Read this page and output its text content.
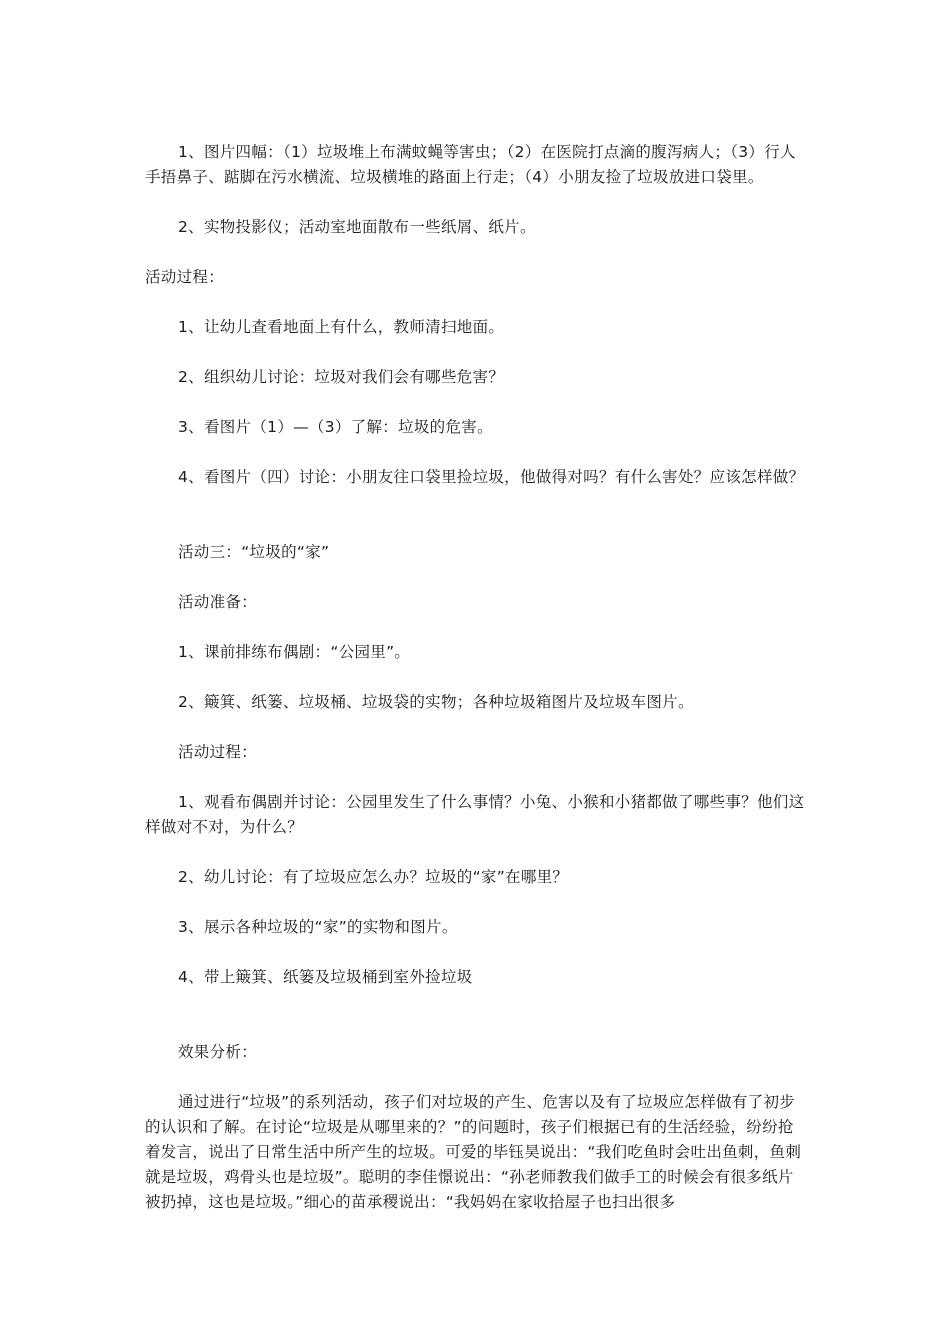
1、图片四幅：（1）垃圾堆上布满蚊蝇等害虫；（2）在医院打点滴的腹泻病人；（3）行人手捂鼻子、踮脚在污水横流、垃圾横堆的路面上行走；（4）小朋友捡了垃圾放进口袋里。

2、实物投影仪；活动室地面散布一些纸屑、纸片。

活动过程：

1、让幼儿查看地面上有什么，教师清扫地面。

2、组织幼儿讨论：垃圾对我们会有哪些危害？

3、看图片（1）—（3）了解：垃圾的危害。

4、看图片（四）讨论：小朋友往口袋里捡垃圾，他做得对吗？有什么害处？应该怎样做？

活动三：“垃圾的“家”

活动准备：

1、课前排练布偶剧：“公园里”。

2、簸箕、纸篓、垃圾桶、垃圾袋的实物；各种垃圾箱图片及垃圾车图片。

活动过程：

1、观看布偶剧并讨论：公园里发生了什么事情？小兔、小猴和小猪都做了哪些事？他们这样做对不对，为什么？

2、幼儿讨论：有了垃圾应怎么办？垃圾的“家”在哪里？

3、展示各种垃圾的“家”的实物和图片。

4、带上簸箕、纸篓及垃圾桶到室外捡垃圾

效果分析：

通过进行“垃圾”的系列活动，孩子们对垃圾的产生、危害以及有了垃圾应怎样做有了初步的认识和了解。在讨论“垃圾是从哪里来的？”的问题时，孩子们根据已有的生活经验，纷纷抢着发言，说出了日常生活中所产生的垃圾。可爱的毕钰昊说出：“我们吃鱼时会吐出鱼刺，鱼刺就是垃圾，鸡骨头也是垃圾”。聪明的李佳憬说出：“孙老师教我们做手工的时候会有很多纸片被扔掉，这也是垃圾。”细心的苗承稷说出：“我妈妈在家收拾屋子也扫出很多
